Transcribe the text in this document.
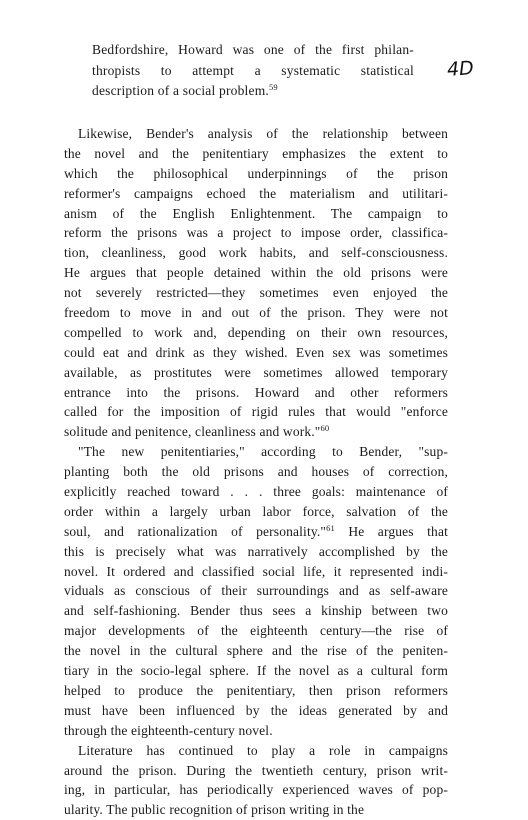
Bedfordshire, Howard was one of the first philan-
thropists to attempt a systematic statistical
description of a social problem.$^{59}$
4D
Likewise, Bender's analysis of the relationship between
the novel and the penitentiary emphasizes the extent to
which the philosophical underpinnings of the prison
reformer's campaigns echoed the materialism and utilitari-
anism of the English Enlightenment. The campaign to
reform the prisons was a project to impose order, classifica-
tion, cleanliness, good work habits, and self-consciousness.
He argues that people detained within the old prisons were
not severely restricted—they sometimes even enjoyed the
freedom to move in and out of the prison. They were not
compelled to work and, depending on their own resources,
could eat and drink as they wished. Even sex was sometimes
available, as prostitutes were sometimes allowed temporary
entrance into the prisons. Howard and other reformers
called for the imposition of rigid rules that would "enforce
solitude and penitence, cleanliness and work."$^{60}$
"The new penitentiaries," according to Bender, "sup-
planting both the old prisons and houses of correction,
explicitly reached toward . . . three goals: maintenance of
order within a largely urban labor force, salvation of the
soul, and rationalization of personality."$^{61}$ He argues that
this is precisely what was narratively accomplished by the
novel. It ordered and classified social life, it represented indi-
viduals as conscious of their surroundings and as self-aware
and self-fashioning. Bender thus sees a kinship between two
major developments of the eighteenth century—the rise of
the novel in the cultural sphere and the rise of the peniten-
tiary in the socio-legal sphere. If the novel as a cultural form
helped to produce the penitentiary, then prison reformers
must have been influenced by the ideas generated by and
through the eighteenth-century novel.
Literature has continued to play a role in campaigns
around the prison. During the twentieth century, prison writ-
ing, in particular, has periodically experienced waves of pop-
ularity. The public recognition of prison writing in the
